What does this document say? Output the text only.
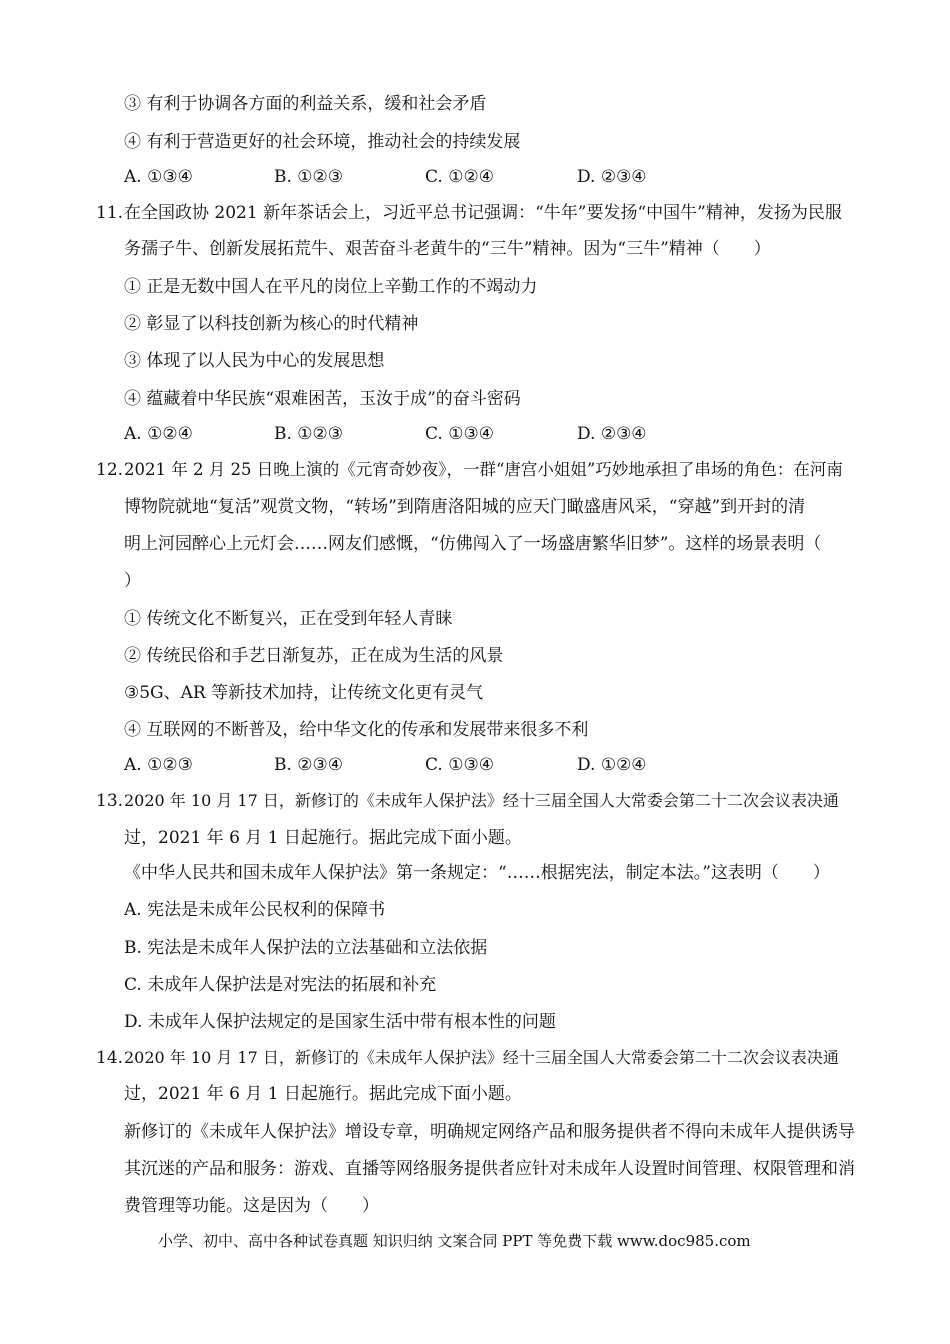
③ 有利于协调各方面的利益关系，缓和社会矛盾
④ 有利于营造更好的社会环境，推动社会的持续发展
A. ①③④	B. ①②③	C. ①②④	D. ②③④
11. 在全国政协 2021 新年茶话会上，习近平总书记强调：“牛年”要发扬“中国牛”精神，发扬为民服
务孺子牛、创新发展拓荒牛、艰苦奋斗老黄牛的“三牛”精神。因为“三牛”精神（　　）
① 正是无数中国人在平凡的岗位上辛勤工作的不竭动力
② 彰显了以科技创新为核心的时代精神
③ 体现了以人民为中心的发展思想
④ 蕴藏着中华民族“艰难困苦，玉汝于成”的奋斗密码
A. ①②④	B. ①②③	C. ①③④	D. ②③④
12. 2021 年 2 月 25 日晚上演的《元宵奇妙夜》，一群“唐宫小姐姐”巧妙地承担了串场的角色：在河南
博物院就地“复活”观赏文物，“转场”到隋唐洛阳城的应天门瞰盛唐风采，“穿越”到开封的清
明上河园醉心上元灯会……网友们感慨，“仿佛闯入了一场盛唐繁华旧梦”。这样的场景表明（
）
① 传统文化不断复兴，正在受到年轻人青睐
② 传统民俗和手艺日渐复苏，正在成为生活的风景
③5G、AR 等新技术加持，让传统文化更有灵气
④ 互联网的不断普及，给中华文化的传承和发展带来很多不利
A. ①②③	B. ②③④	C. ①③④	D. ①②④
13. 2020 年 10 月 17 日，新修订的《未成年人保护法》经十三届全国人大常委会第二十二次会议表决通
过，2021 年 6 月 1 日起施行。据此完成下面小题。
《中华人民共和国未成年人保护法》第一条规定：“……根据宪法，制定本法。”这表明（　　）
A. 宪法是未成年公民权利的保障书
B. 宪法是未成年人保护法的立法基础和立法依据
C. 未成年人保护法是对宪法的拓展和补充
D. 未成年人保护法规定的是国家生活中带有根本性的问题
14. 2020 年 10 月 17 日，新修订的《未成年人保护法》经十三届全国人大常委会第二十二次会议表决通
过，2021 年 6 月 1 日起施行。据此完成下面小题。
新修订的《未成年人保护法》增设专章，明确规定网络产品和服务提供者不得向未成年人提供诱导
其沉迷的产品和服务：游戏、直播等网络服务提供者应针对未成年人设置时间管理、权限管理和消
费管理等功能。这是因为（　　）
小学、初中、高中各种试卷真题 知识归纳 文案合同 PPT 等免费下载 www.doc985.com
